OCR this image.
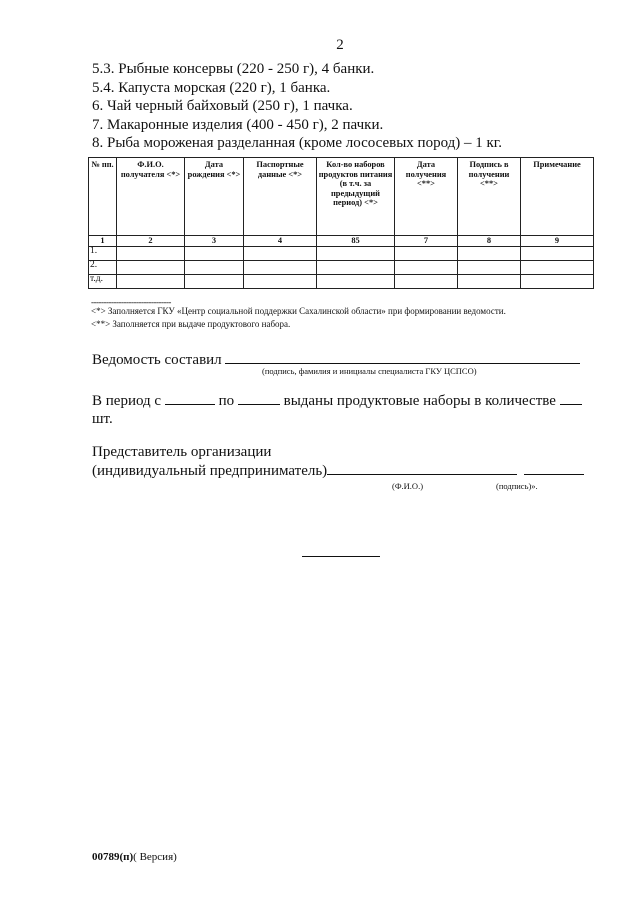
2
5.3. Рыбные консервы (220 - 250 г), 4 банки.
5.4. Капуста морская (220 г), 1 банка.
6. Чай черный байховый (250 г), 1 пачка.
7. Макаронные изделия (400 - 450 г), 2 пачки.
8. Рыба мороженая разделанная (кроме лососевых пород) – 1 кг.
№ пп.	Ф.И.О. получателя <*>	Дата рождения <*>	Паспортные данные <*>	Кол-во наборов продуктов питания (в т.ч. за предыдущий период) <*>	Дата получения <**>	Подпись в получении <**>	Примечание
1	2	3	4	85	7	8	9
1.							
2.							
т.д.							
--------------------------------
<*> Заполняется ГКУ «Центр социальной поддержки Сахалинской области» при формировании ведомости.
<**> Заполняется при выдаче продуктового набора.
Ведомость составил
(подпись, фамилия и инициалы специалиста ГКУ ЦСПСО)
В период с	по	выданы продуктовые наборы в количестве
шт.
Представитель организации
(индивидуальный предприниматель)
(Ф.И.О.)	(подпись)».
00789(п)( Версия)
